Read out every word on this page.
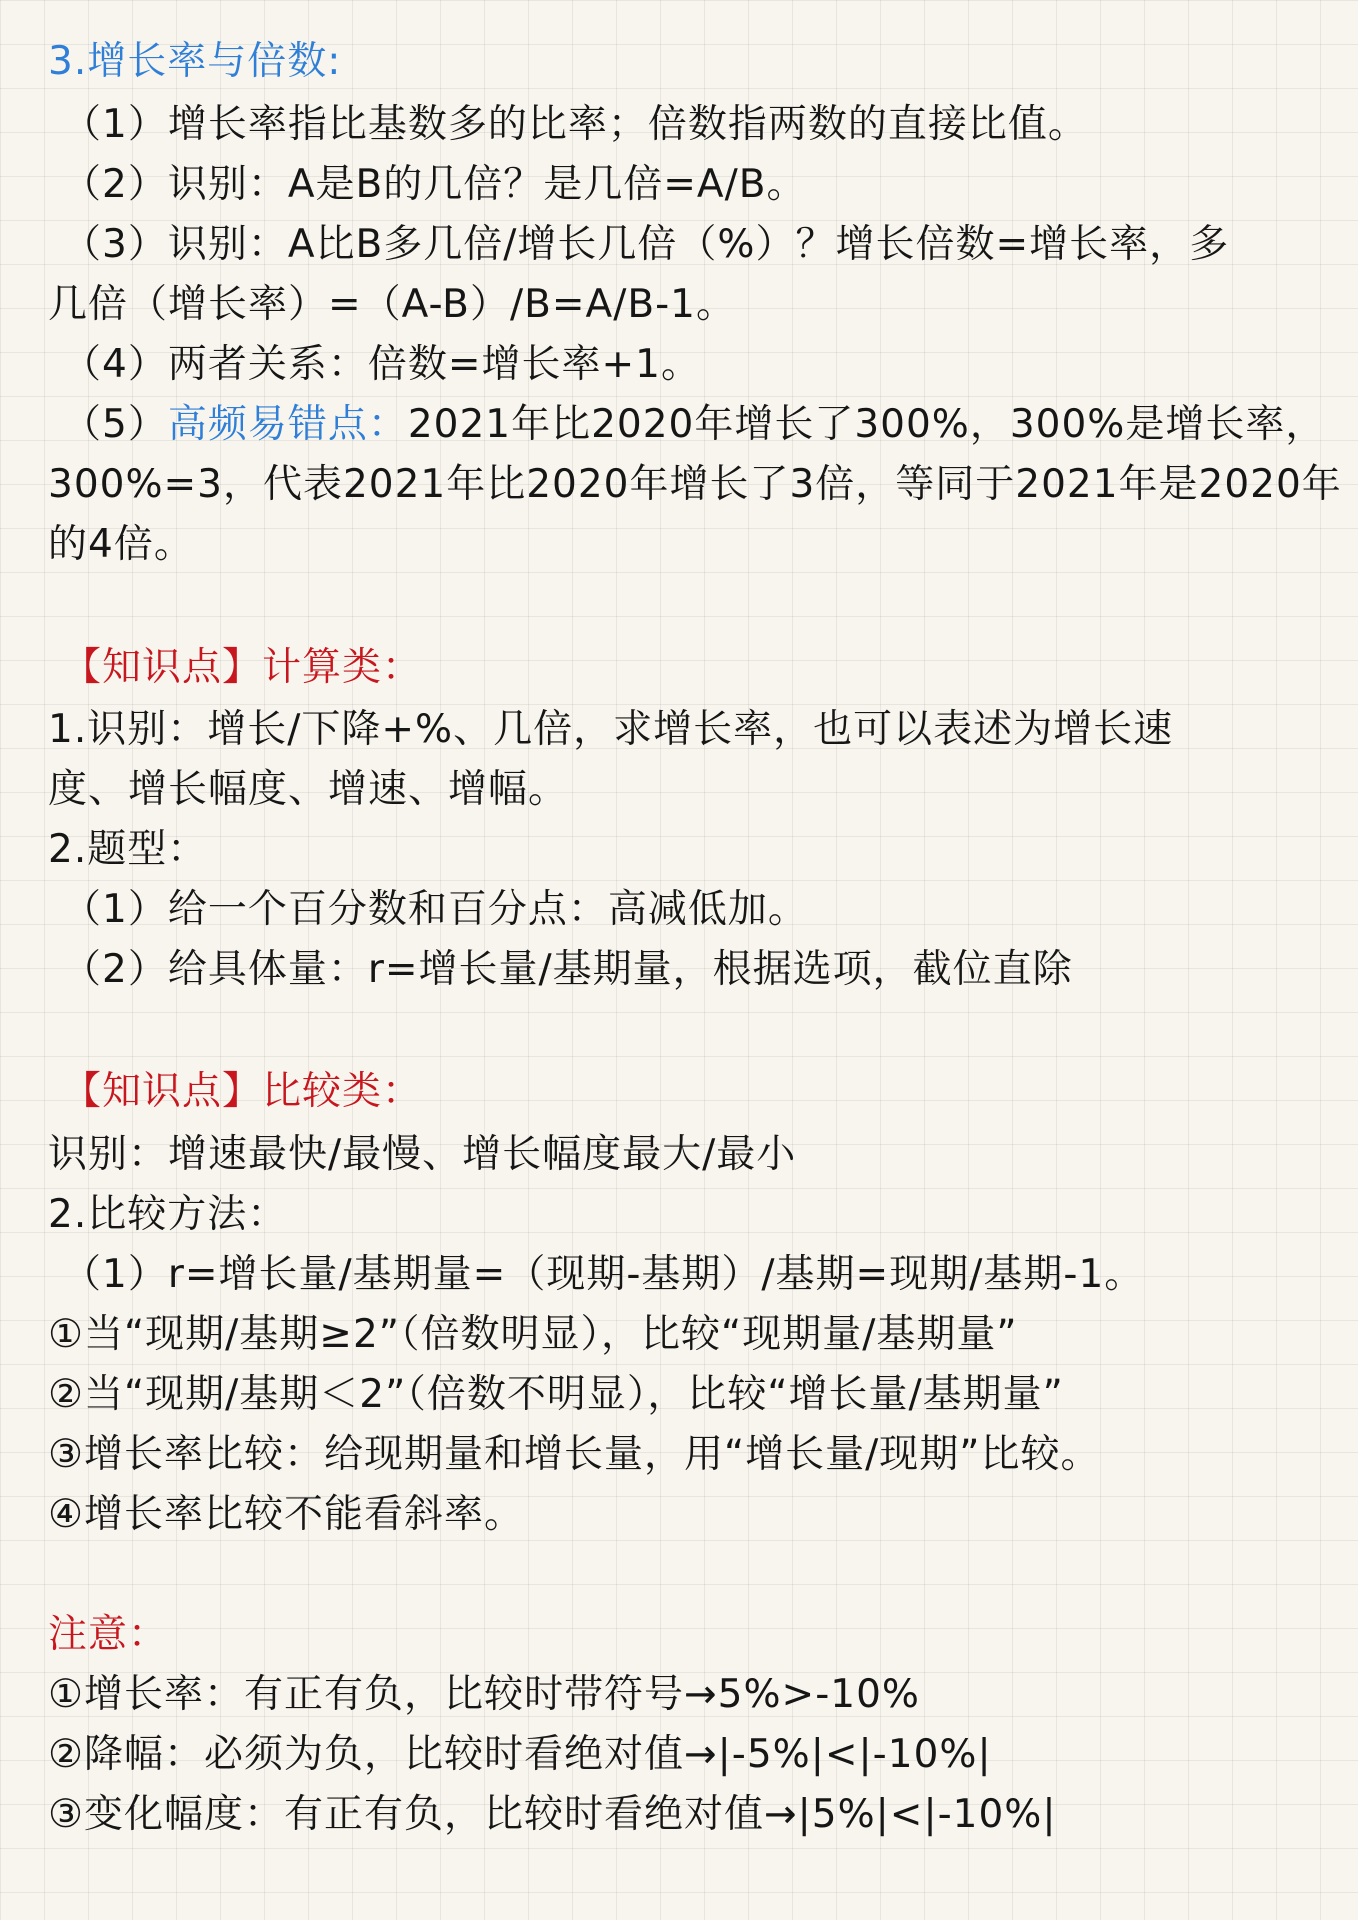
3.增长率与倍数:
（1）增长率指比基数多的比率；倍数指两数的直接比值。
（2）识别：A是B的几倍？是几倍=A/B。
（3）识别：A比B多几倍/增长几倍（%）？增长倍数=增长率，多
几倍（增长率）=（A-B）/B=A/B-1。
（4）两者关系：倍数=增长率+1。
（5）高频易错点：2021年比2020年增长了300%，300%是增长率，
300%=3，代表2021年比2020年增长了3倍，等同于2021年是2020年
的4倍。
【知识点】计算类：
1.识别：增长/下降+%、几倍，求增长率，也可以表述为增长速
度、增长幅度、增速、增幅。
2.题型：
（1）给一个百分数和百分点：高减低加。
（2）给具体量：r=增长量/基期量，根据选项，截位直除
【知识点】比较类：
识别：增速最快/最慢、增长幅度最大/最小
2.比较方法：
（1）r=增长量/基期量=（现期-基期）/基期=现期/基期-1。
①当“现期/基期≥2”（倍数明显），比较“现期量/基期量”
②当“现期/基期＜2”（倍数不明显），比较“增长量/基期量”
③增长率比较：给现期量和增长量，用“增长量/现期”比较。
④增长率比较不能看斜率。
注意：
①增长率：有正有负，比较时带符号→5%>-10%
②降幅：必须为负，比较时看绝对值→|-5%|<|-10%|
③变化幅度：有正有负，比较时看绝对值→|5%|<|-10%|
